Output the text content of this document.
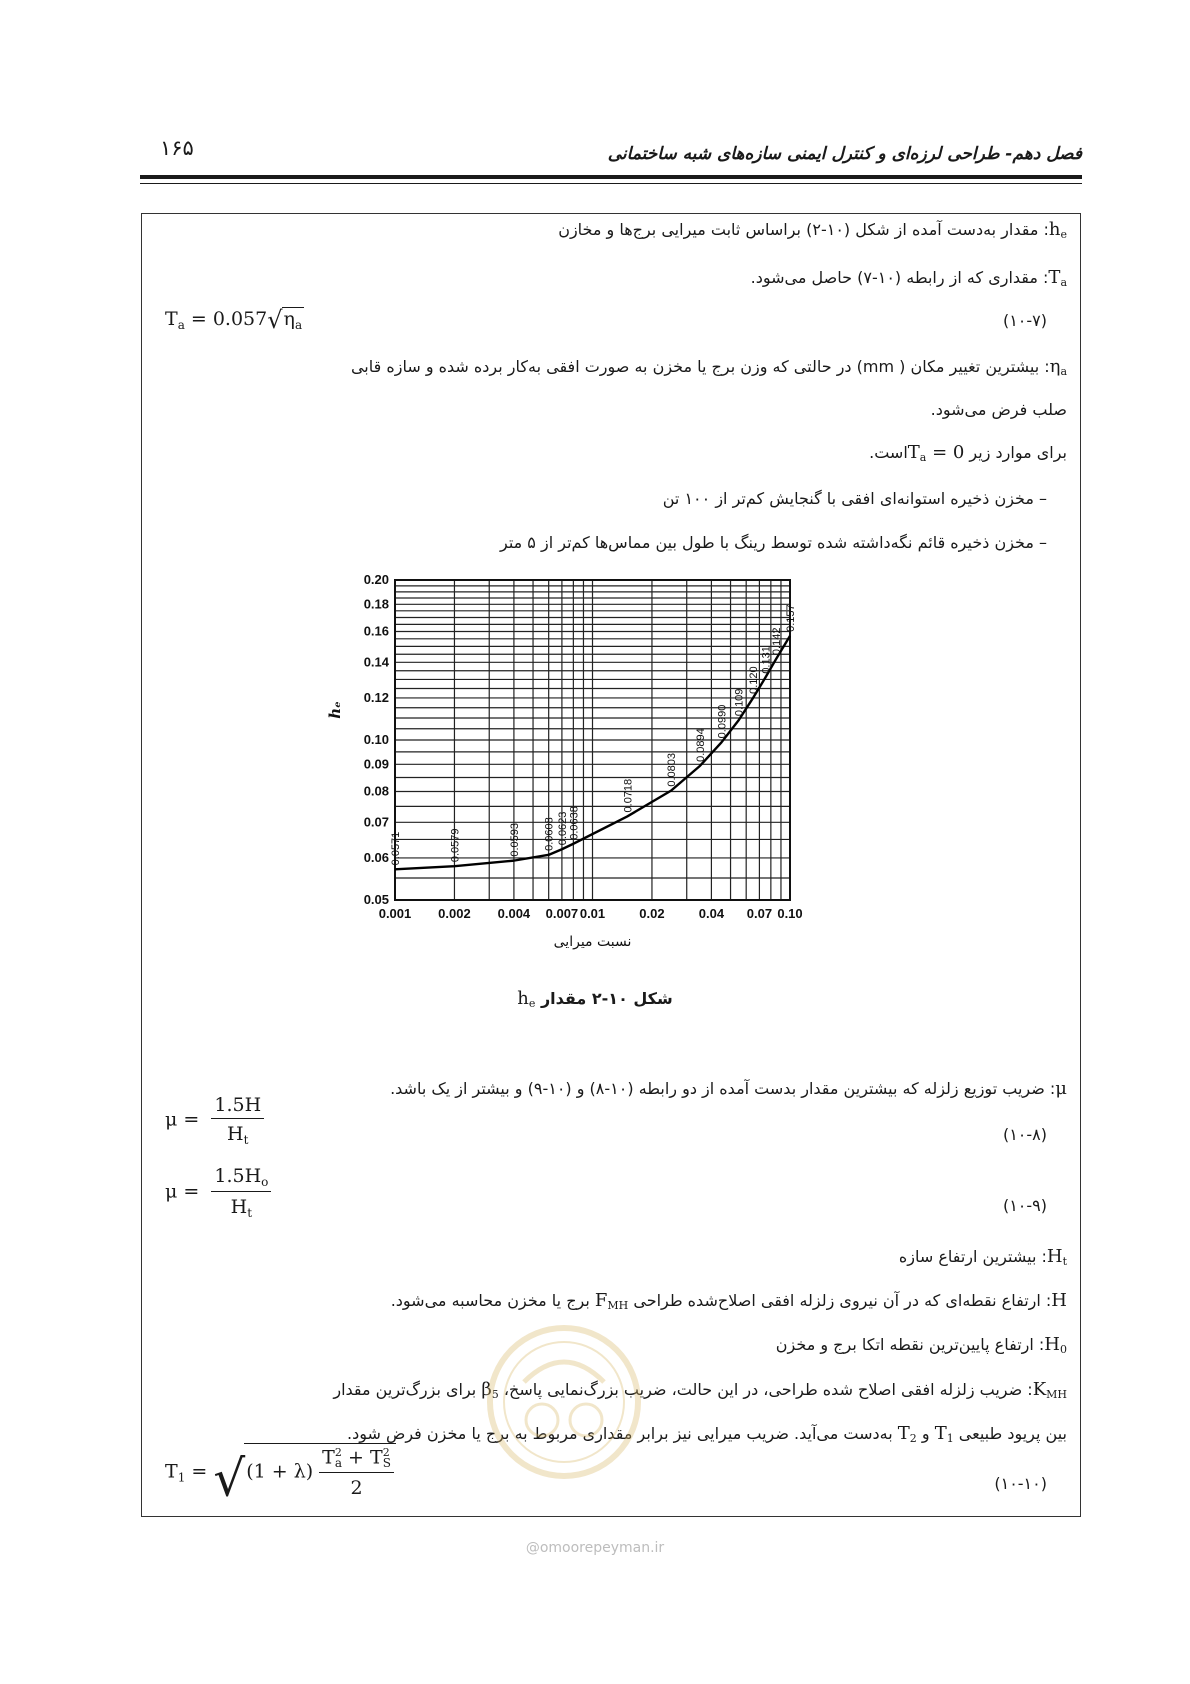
۱۶۵	فصل دهم- طراحی لرزه‌ای و کنترل ایمنی سازه‌های شبه ساختمانی
$h_e$: مقدار به‌دست آمده از شکل (۱۰-۲) براساس ثابت میرایی برج‌ها و مخازن
$T_a$: مقداری که از رابطه (۱۰-۷) حاصل می‌شود.
(۱۰-۷)
$T_a = 0.057√\eta_a$
$\eta_a$: بیشترین تغییر مکان ( mm) در حالتی که وزن برج یا مخزن به صورت افقی به‌کار برده شده و سازه قابی
صلب فرض می‌شود.
برای موارد زیر $T_a$ = 0است.
– مخزن ذخیره استوانه‌ای افقی با گنجایش کم‌تر از ۱۰۰ تن
– مخزن ذخیره قائم نگه‌داشته شده توسط رینگ با طول بین مماس‌ها کم‌تر از ۵ متر
0.001 0.002 0.004 0.007 0.01	0.02	0.04 0.07 0.10
0.20
0.18
0.16
0.14
0.12
0.10
0.09
0.08
0.07
0.06
0.05
نسبت میرایی
hₑ
0.0571	0.0579	0.0593 0.0608 0.0623 0.0638
0.0718
0.0803
0.0894
0.0990
0.109
0.120
0.131
0.142
0.157
شکل ۱۰-۲ مقدار $h_e$
μ: ضریب توزیع زلزله که بیشترین مقدار بدست آمده از دو رابطه (۱۰-۸) و (۱۰-۹) و بیشتر از یک باشد.
(۱۰-۸)
$\mu = \frac{1.5H}{H_t}$
(۱۰-۹)
$\mu = \frac{1.5H_o}{H_t}$
$H_t$: بیشترین ارتفاع سازه
H: ارتفاع نقطه‌ای که در آن نیروی زلزله افقی اصلاح‌شده طراحی $F_{MH}$ برج یا مخزن محاسبه می‌شود.
$H_0$: ارتفاع پایین‌ترین نقطه اتکا برج و مخزن
$K_{MH}$: ضریب زلزله افقی اصلاح شده طراحی، در این حالت، ضریب بزرگ‌نمایی پاسخ، $\beta_5$ برای بزرگ‌ترین مقدار
بین پریود طبیعی $T_1$ و $T_2$ به‌دست می‌آید. ضریب میرایی نیز برابر مقداری مربوط به برج یا مخزن فرض شود.
(۱۰-۱۰)
$T_1 = √(1 + \lambda) \frac{T^2_a + T^2_S}{2}$
@omoorepeyman.ir
